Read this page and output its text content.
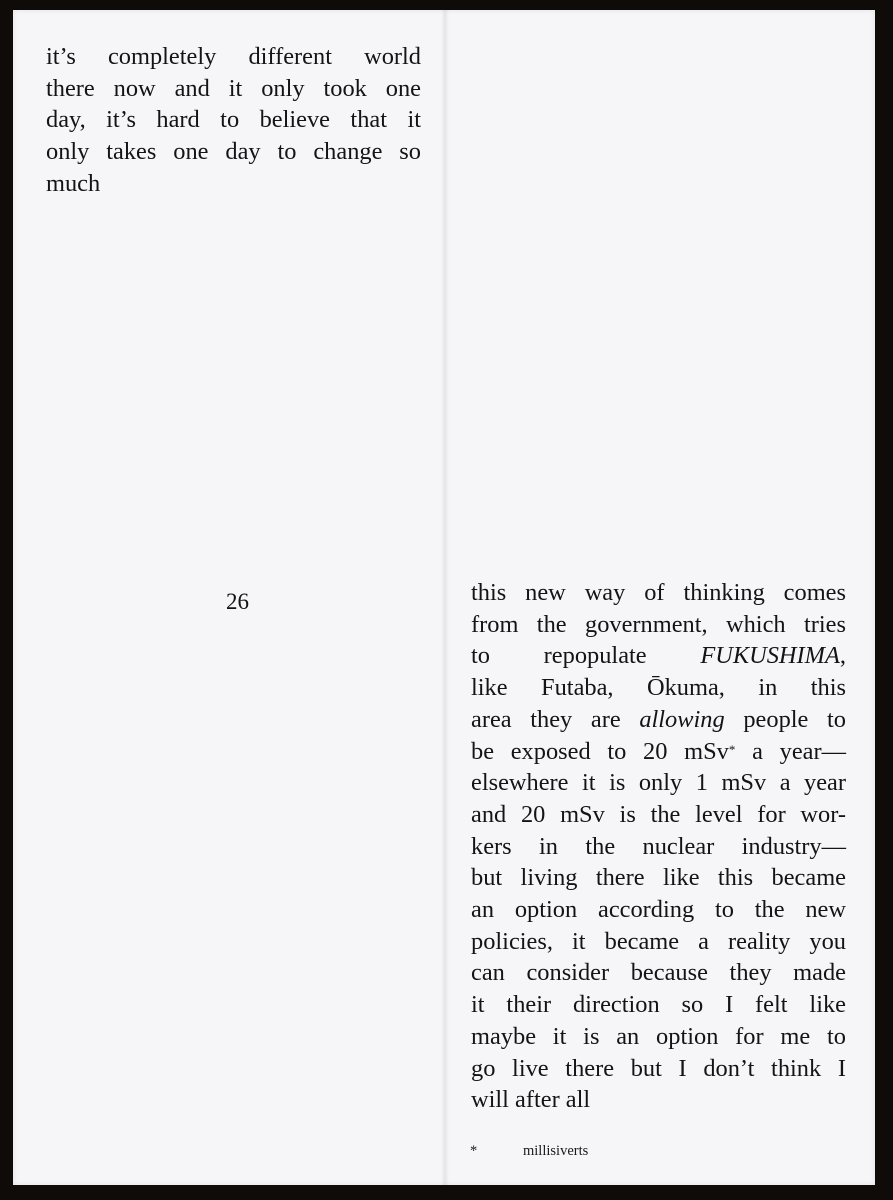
it’s completely different world
there now and it only took one
day, it’s hard to believe that it
only takes one day to change so
much

26	this new way of thinking comes
from the government, which tries
to repopulate FUKUSHIMA,
like Futaba, Ōkuma, in this
area they are allowing people to
be exposed to 20 mSv* a year—
elsewhere it is only 1 mSv a year
and 20 mSv is the level for wor-
kers in the nuclear industry—
but living there like this became
an option according to the new
policies, it became a reality you
can consider because they made
it their direction so I felt like
maybe it is an option for me to
go live there but I don’t think I
will after all

*	millisiverts
